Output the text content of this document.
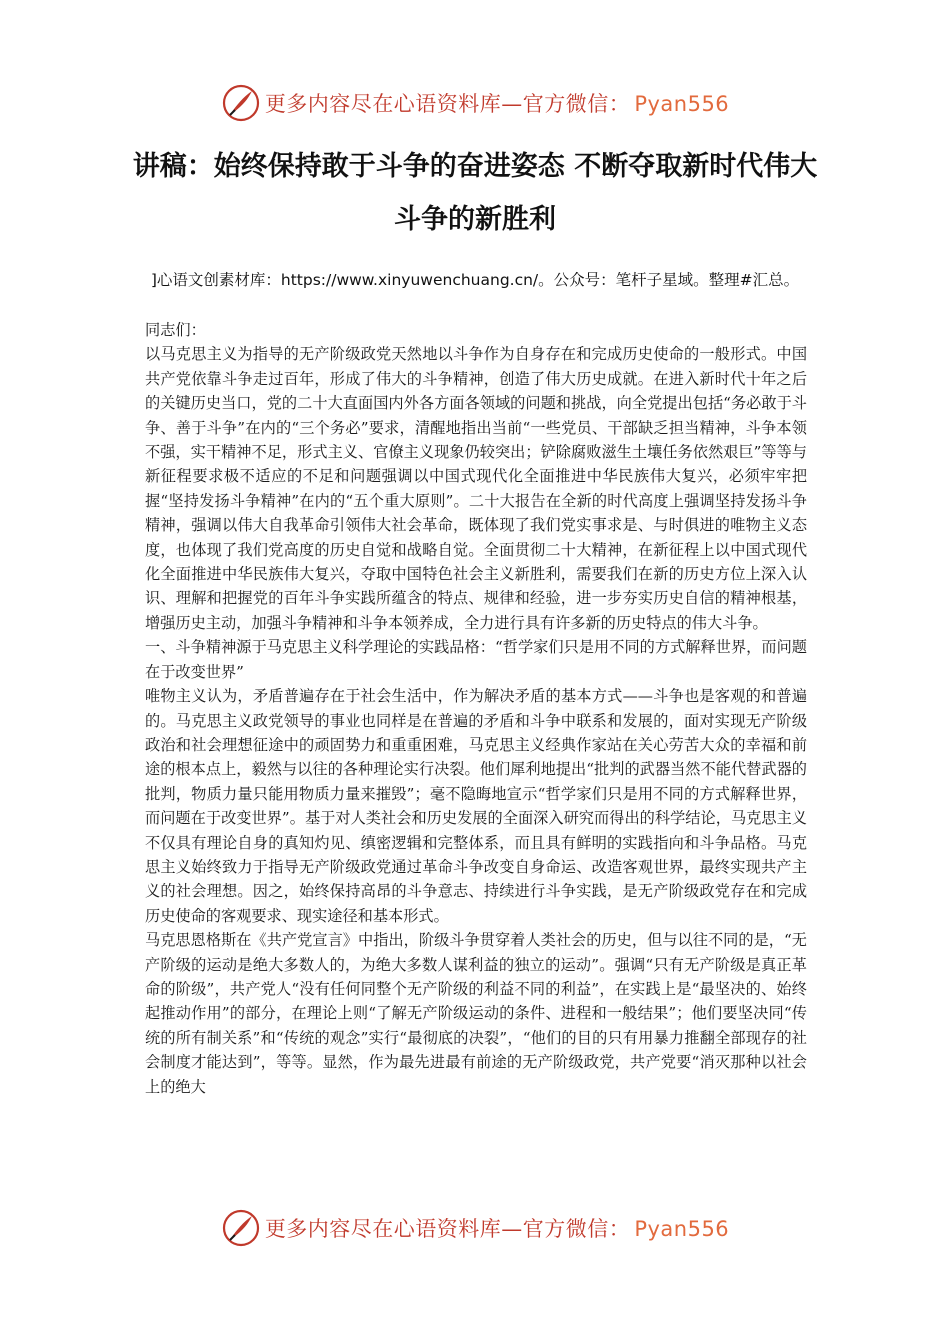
更多内容尽在心语资料库—官方微信： Pyan556
讲稿：始终保持敢于斗争的奋进姿态 不断夺取新时代伟大斗争的新胜利
]心语文创素材库：https://www.xinyuwenchuang.cn/。公众号：笔杆子星域。整理#汇总。

同志们：

以马克思主义为指导的无产阶级政党天然地以斗争作为自身存在和完成历史使命的一般形式。中国共产党依靠斗争走过百年，形成了伟大的斗争精神，创造了伟大历史成就。在进入新时代十年之后的关键历史当口，党的二十大直面国内外各方面各领域的问题和挑战，向全党提出包括“务必敢于斗争、善于斗争”在内的“三个务必”要求，清醒地指出当前“一些党员、干部缺乏担当精神，斗争本领不强，实干精神不足，形式主义、官僚主义现象仍较突出；铲除腐败滋生土壤任务依然艰巨”等等与新征程要求极不适应的不足和问题强调以中国式现代化全面推进中华民族伟大复兴，必须牢牢把握“坚持发扬斗争精神”在内的“五个重大原则”。二十大报告在全新的时代高度上强调坚持发扬斗争精神，强调以伟大自我革命引领伟大社会革命，既体现了我们党实事求是、与时俱进的唯物主义态度，也体现了我们党高度的历史自觉和战略自觉。全面贯彻二十大精神，在新征程上以中国式现代化全面推进中华民族伟大复兴，夺取中国特色社会主义新胜利，需要我们在新的历史方位上深入认识、理解和把握党的百年斗争实践所蕴含的特点、规律和经验，进一步夯实历史自信的精神根基，增强历史主动，加强斗争精神和斗争本领养成，全力进行具有许多新的历史特点的伟大斗争。

一、斗争精神源于马克思主义科学理论的实践品格：“哲学家们只是用不同的方式解释世界，而问题在于改变世界”

唯物主义认为，矛盾普遍存在于社会生活中，作为解决矛盾的基本方式——斗争也是客观的和普遍的。马克思主义政党领导的事业也同样是在普遍的矛盾和斗争中联系和发展的，面对实现无产阶级政治和社会理想征途中的顽固势力和重重困难，马克思主义经典作家站在关心劳苦大众的幸福和前途的根本点上，毅然与以往的各种理论实行决裂。他们犀利地提出“批判的武器当然不能代替武器的批判，物质力量只能用物质力量来摧毁”；毫不隐晦地宣示“哲学家们只是用不同的方式解释世界，而问题在于改变世界”。基于对人类社会和历史发展的全面深入研究而得出的科学结论，马克思主义不仅具有理论自身的真知灼见、缜密逻辑和完整体系，而且具有鲜明的实践指向和斗争品格。马克思主义始终致力于指导无产阶级政党通过革命斗争改变自身命运、改造客观世界，最终实现共产主义的社会理想。因之，始终保持高昂的斗争意志、持续进行斗争实践，是无产阶级政党存在和完成历史使命的客观要求、现实途径和基本形式。

马克思恩格斯在《共产党宣言》中指出，阶级斗争贯穿着人类社会的历史，但与以往不同的是，“无产阶级的运动是绝大多数人的，为绝大多数人谋利益的独立的运动”。强调“只有无产阶级是真正革命的阶级”，共产党人“没有任何同整个无产阶级的利益不同的利益”，在实践上是“最坚决的、始终起推动作用”的部分，在理论上则“了解无产阶级运动的条件、进程和一般结果”；他们要坚决同“传统的所有制关系”和“传统的观念”实行“最彻底的决裂”，“他们的目的只有用暴力推翻全部现存的社会制度才能达到”，等等。显然，作为最先进最有前途的无产阶级政党，共产党要“消灭那种以社会上的绝大

更多内容尽在心语资料库—官方微信： Pyan556
